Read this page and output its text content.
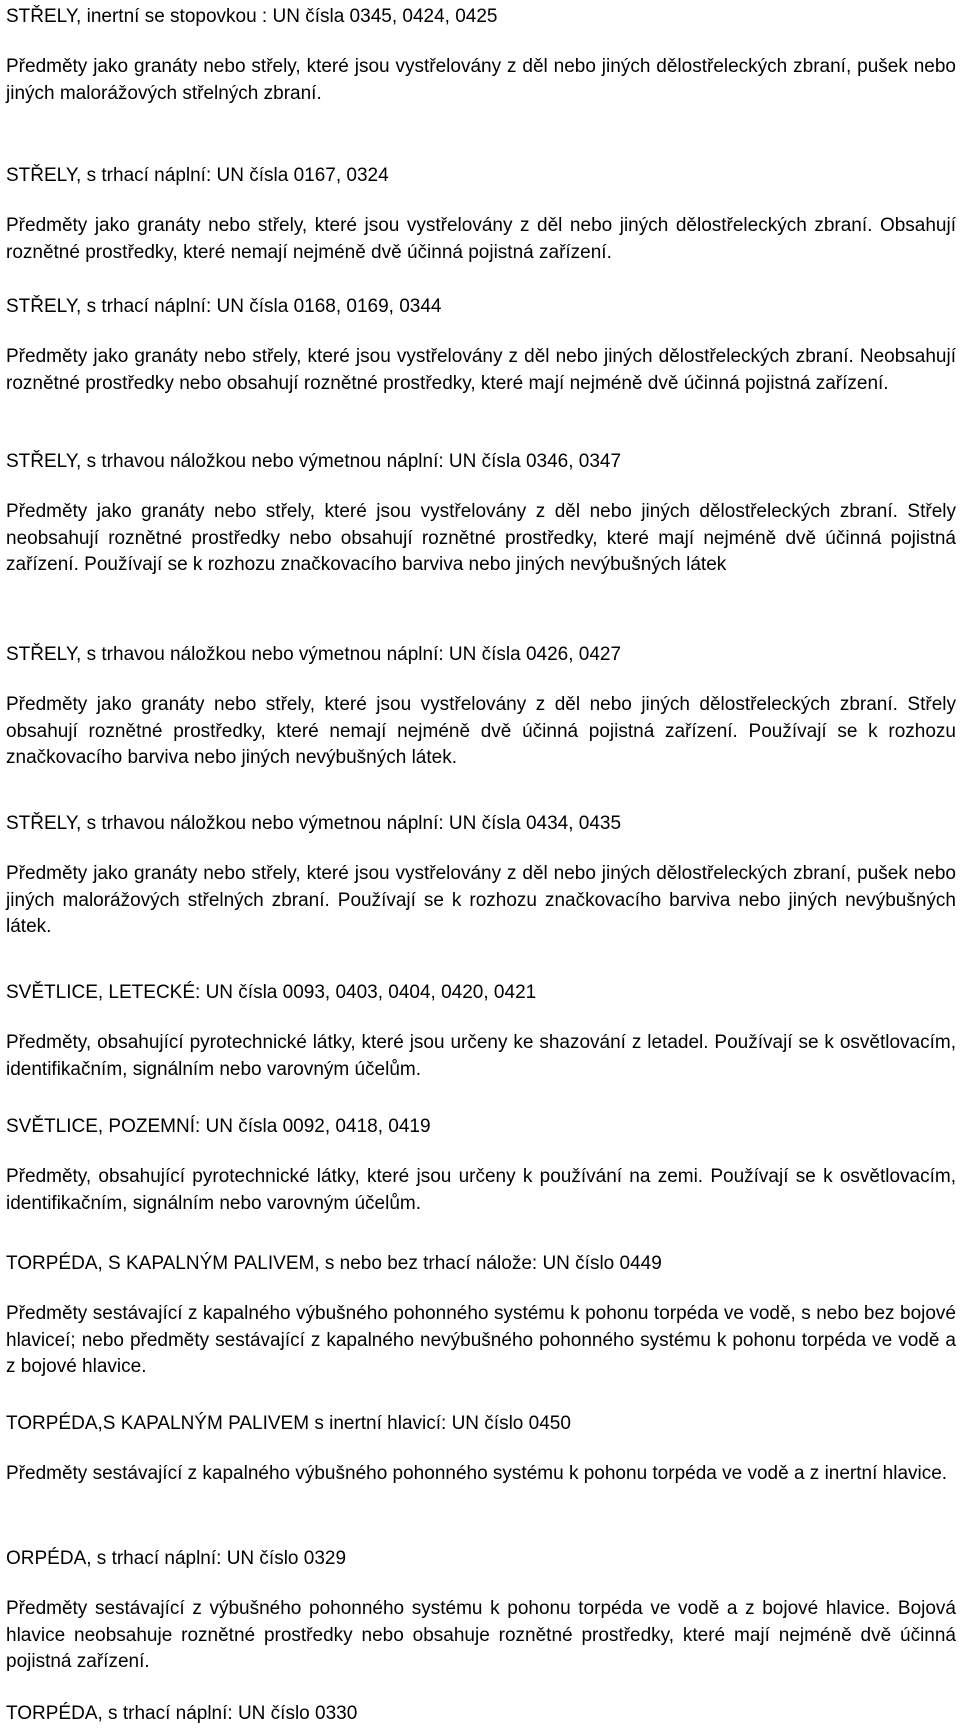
STŘELY, inertní se stopovkou : UN čísla 0345, 0424, 0425
Předměty jako granáty nebo střely, které jsou vystřelovány z děl nebo jiných dělostřeleckých zbraní, pušek nebo jiných malorážových střelných zbraní.
STŘELY, s trhací náplní: UN čísla 0167, 0324
Předměty jako granáty nebo střely, které jsou vystřelovány z děl nebo jiných dělostřeleckých zbraní. Obsahují roznětné prostředky, které nemají nejméně dvě účinná pojistná zařízení.
STŘELY, s trhací náplní: UN čísla 0168, 0169, 0344
Předměty jako granáty nebo střely, které jsou vystřelovány z děl nebo jiných dělostřeleckých zbraní. Neobsahují roznětné prostředky nebo obsahují roznětné prostředky, které mají nejméně dvě účinná pojistná zařízení.
STŘELY, s trhavou náložkou nebo výmetnou náplní: UN čísla 0346, 0347
Předměty jako granáty nebo střely, které jsou vystřelovány z děl nebo jiných dělostřeleckých zbraní. Střely neobsahují roznětné prostředky nebo obsahují roznětné prostředky, které mají nejméně dvě účinná pojistná zařízení. Používají se k rozhozu značkovacího barviva nebo jiných nevýbušných látek
STŘELY, s trhavou náložkou nebo výmetnou náplní: UN čísla 0426, 0427
Předměty jako granáty nebo střely, které jsou vystřelovány z děl nebo jiných dělostřeleckých zbraní. Střely obsahují roznětné prostředky, které nemají nejméně dvě účinná pojistná zařízení. Používají se k rozhozu značkovacího barviva nebo jiných nevýbušných látek.
STŘELY, s trhavou náložkou nebo výmetnou náplní: UN čísla 0434, 0435
Předměty jako granáty nebo střely, které jsou vystřelovány z děl nebo jiných dělostřeleckých zbraní, pušek nebo jiných malorážových střelných zbraní. Používají se k rozhozu značkovacího barviva nebo jiných nevýbušných látek.
SVĚTLICE, LETECKÉ: UN čísla 0093, 0403, 0404, 0420, 0421
Předměty, obsahující pyrotechnické látky, které jsou určeny ke shazování z letadel. Používají se k osvětlovacím, identifikačním, signálním nebo varovným účelům.
SVĚTLICE, POZEMNÍ: UN čísla 0092, 0418, 0419
Předměty, obsahující pyrotechnické látky, které jsou určeny k používání na zemi. Používají se k osvětlovacím, identifikačním, signálním nebo varovným účelům.
TORPÉDA, S KAPALNÝM PALIVEM, s nebo bez trhací nálože: UN číslo 0449
Předměty sestávající z kapalného výbušného pohonného systému k pohonu torpéda ve vodě, s nebo bez bojové hlavicеí; nebo předměty sestávající z kapalného nevýbušného pohonného systému k pohonu torpéda ve vodě a z bojové hlavice.
TORPÉDA,S KAPALNÝM PALIVEM s inertní hlavicí: UN číslo 0450
Předměty sestávající z kapalného výbušného pohonného systému k pohonu torpéda ve vodě a z inertní hlavice.
ORPÉDA, s trhací náplní: UN číslo 0329
Předměty sestávající z výbušného pohonného systému k pohonu torpéda ve vodě a z bojové hlavice. Bojová hlavice neobsahuje roznětné prostředky nebo obsahuje roznětné prostředky, které mají nejméně dvě účinná pojistná zařízení.
TORPÉDA, s trhací náplní: UN číslo 0330
